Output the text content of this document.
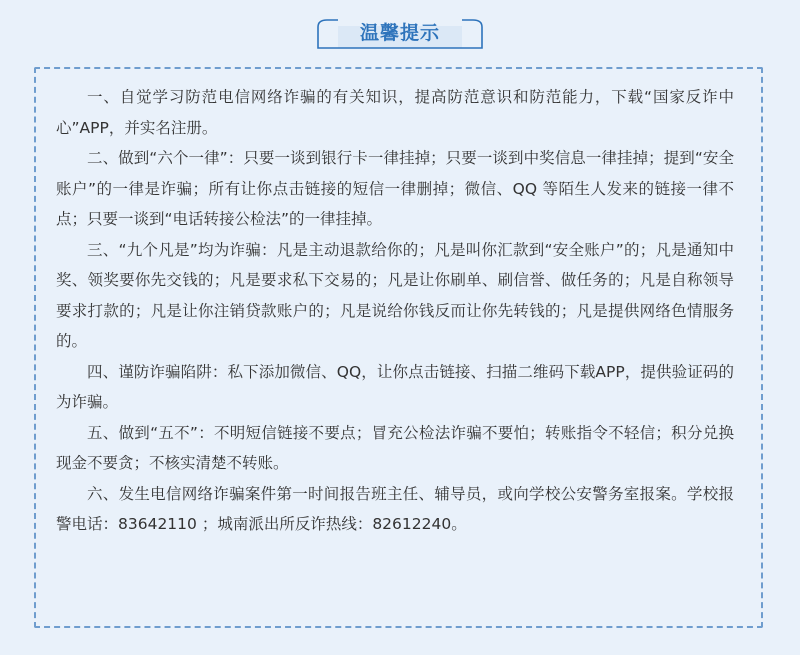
温馨提示

一、自觉学习防范电信网络诈骗的有关知识，提高防范意识和防范能力，下载“国家反诈中心”APP，并实名注册。

二、做到“六个一律”：只要一谈到银行卡一律挂掉；只要一谈到中奖信息一律挂掉；提到“安全账户”的一律是诈骗；所有让你点击链接的短信一律删掉；微信、QQ 等陌生人发来的链接一律不点；只要一谈到“电话转接公检法”的一律挂掉。

三、“九个凡是”均为诈骗：凡是主动退款给你的；凡是叫你汇款到“安全账户”的；凡是通知中奖、领奖要你先交钱的；凡是要求私下交易的；凡是让你刷单、刷信誉、做任务的；凡是自称领导要求打款的；凡是让你注销贷款账户的；凡是说给你钱反而让你先转钱的；凡是提供网络色情服务的。

四、谨防诈骗陷阱：私下添加微信、QQ，让你点击链接、扫描二维码下载APP，提供验证码的为诈骗。

五、做到“五不”：不明短信链接不要点；冒充公检法诈骗不要怕；转账指令不轻信；积分兑换现金不要贪；不核实清楚不转账。

六、发生电信网络诈骗案件第一时间报告班主任、辅导员，或向学校公安警务室报案。学校报警电话：83642110 ；城南派出所反诈热线：82612240。
